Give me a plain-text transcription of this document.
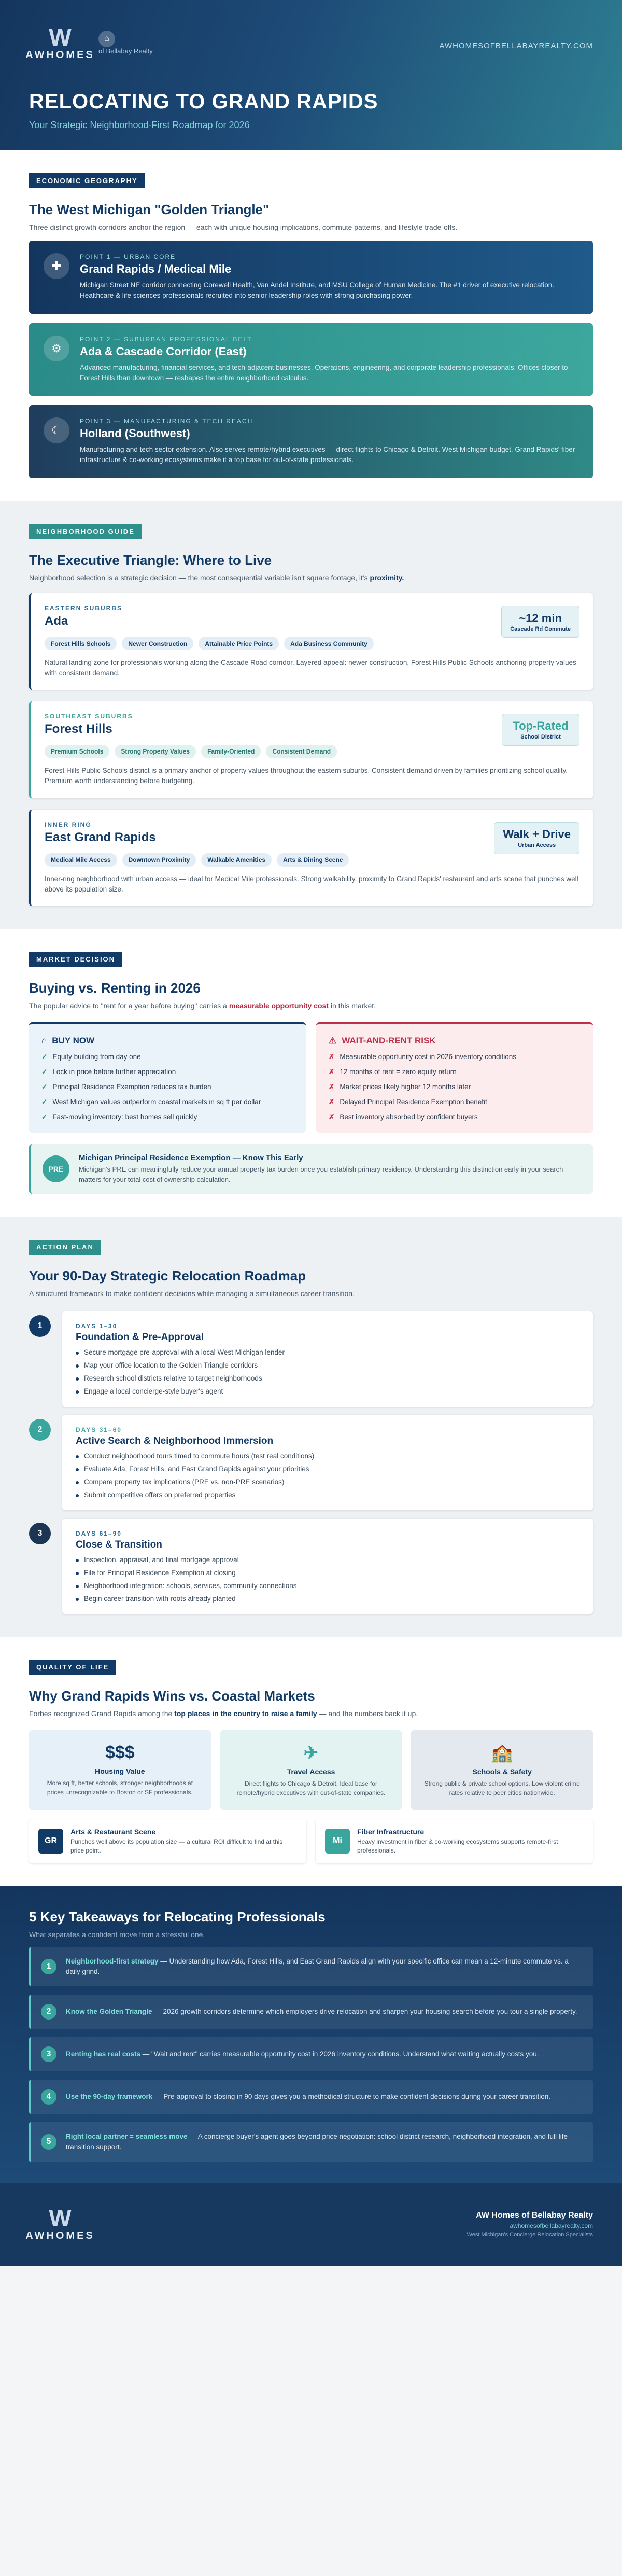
W
AWHOMES
⌂
of Bellabay Realty
AWHOMESOFBELLABAYREALTY.COM
RELOCATING TO GRAND RAPIDS
Your Strategic Neighborhood-First Roadmap for 2026
ECONOMIC GEOGRAPHY
The West Michigan "Golden Triangle"

Three distinct growth corridors anchor the region — each with unique housing implications, commute patterns, and lifestyle trade-offs.

✚
POINT 1 — URBAN CORE
Grand Rapids / Medical Mile
Michigan Street NE corridor connecting Corewell Health, Van Andel Institute, and MSU College of Human Medicine. The #1 driver of executive relocation. Healthcare & life sciences professionals recruited into senior leadership roles with strong purchasing power.
⚙
POINT 2 — SUBURBAN PROFESSIONAL BELT
Ada & Cascade Corridor (East)
Advanced manufacturing, financial services, and tech-adjacent businesses. Operations, engineering, and corporate leadership professionals. Offices closer to Forest Hills than downtown — reshapes the entire neighborhood calculus.
☾
POINT 3 — MANUFACTURING & TECH REACH
Holland (Southwest)
Manufacturing and tech sector extension. Also serves remote/hybrid executives — direct flights to Chicago & Detroit. West Michigan budget. Grand Rapids' fiber infrastructure & co-working ecosystems make it a top base for out-of-state professionals.
NEIGHBORHOOD GUIDE
The Executive Triangle: Where to Live

Neighborhood selection is a strategic decision — the most consequential variable isn't square footage, it's proximity.

EASTERN SUBURBS
Ada	~12 min
Cascade Rd Commute
Forest Hills Schools	Newer Construction	Attainable Price Points	Ada Business Community

Natural landing zone for professionals working along the Cascade Road corridor. Layered appeal: newer construction, Forest Hills Public Schools anchoring property values with consistent demand.

SOUTHEAST SUBURBS
Forest Hills	Top-Rated
School District
Premium Schools	Strong Property Values	Family-Oriented	Consistent Demand

Forest Hills Public Schools district is a primary anchor of property values throughout the eastern suburbs. Consistent demand driven by families prioritizing school quality. Premium worth understanding before budgeting.

INNER RING
East Grand Rapids	Walk + Drive
Urban Access
Medical Mile Access	Downtown Proximity	Walkable Amenities	Arts & Dining Scene

Inner-ring neighborhood with urban access — ideal for Medical Mile professionals. Strong walkability, proximity to Grand Rapids' restaurant and arts scene that punches well above its population size.

MARKET DECISION
Buying vs. Renting in 2026

The popular advice to "rent for a year before buying" carries a measurable opportunity cost in this market.

⌂ BUY NOW
✓ Equity building from day one
✓ Lock in price before further appreciation
✓ Principal Residence Exemption reduces tax burden
✓ West Michigan values outperform coastal markets in sq ft per dollar
✓ Fast-moving inventory: best homes sell quickly
⚠ WAIT-AND-RENT RISK
✗ Measurable opportunity cost in 2026 inventory conditions
✗ 12 months of rent = zero equity return
✗ Market prices likely higher 12 months later
✗ Delayed Principal Residence Exemption benefit
✗ Best inventory absorbed by confident buyers
PRE
Michigan Principal Residence Exemption — Know This Early
Michigan's PRE can meaningfully reduce your annual property tax burden once you establish primary residency. Understanding this distinction early in your search matters for your total cost of ownership calculation.
ACTION PLAN
Your 90-Day Strategic Relocation Roadmap

A structured framework to make confident decisions while managing a simultaneous career transition.

1	DAYS 1–30
Foundation & Pre-Approval
Secure mortgage pre-approval with a local West Michigan lender
Map your office location to the Golden Triangle corridors
Research school districts relative to target neighborhoods
Engage a local concierge-style buyer's agent
2	DAYS 31–60
Active Search & Neighborhood Immersion
Conduct neighborhood tours timed to commute hours (test real conditions)
Evaluate Ada, Forest Hills, and East Grand Rapids against your priorities
Compare property tax implications (PRE vs. non-PRE scenarios)
Submit competitive offers on preferred properties
3	DAYS 61–90
Close & Transition
Inspection, appraisal, and final mortgage approval
File for Principal Residence Exemption at closing
Neighborhood integration: schools, services, community connections
Begin career transition with roots already planted
QUALITY OF LIFE
Why Grand Rapids Wins vs. Coastal Markets

Forbes recognized Grand Rapids among the top places in the country to raise a family — and the numbers back it up.

$$$
Housing Value
More sq ft, better schools, stronger neighborhoods at prices unrecognizable to Boston or SF professionals.
✈
Travel Access
Direct flights to Chicago & Detroit. Ideal base for remote/hybrid executives with out-of-state companies.
🏫
Schools & Safety
Strong public & private school options. Low violent crime rates relative to peer cities nationwide.
GR
Arts & Restaurant Scene
Punches well above its population size — a cultural ROI difficult to find at this price point.
Mi
Fiber Infrastructure
Heavy investment in fiber & co-working ecosystems supports remote-first professionals.
5 Key Takeaways for Relocating Professionals

What separates a confident move from a stressful one.

1
Neighborhood-first strategy — Understanding how Ada, Forest Hills, and East Grand Rapids align with your specific office can mean a 12-minute commute vs. a daily grind.
2	Know the Golden Triangle — 2026 growth corridors determine which employers drive relocation and sharpen your housing search before you tour a single property.
3	Renting has real costs — "Wait and rent" carries measurable opportunity cost in 2026 inventory conditions. Understand what waiting actually costs you.
4	Use the 90-day framework — Pre-approval to closing in 90 days gives you a methodical structure to make confident decisions during your career transition.
5
Right local partner = seamless move — A concierge buyer's agent goes beyond price negotiation: school district research, neighborhood integration, and full life transition support.
W
AWHOMES
AW Homes of Bellabay Realty
awhomesofbellabayrealty.com
West Michigan's Concierge Relocation Specialists
